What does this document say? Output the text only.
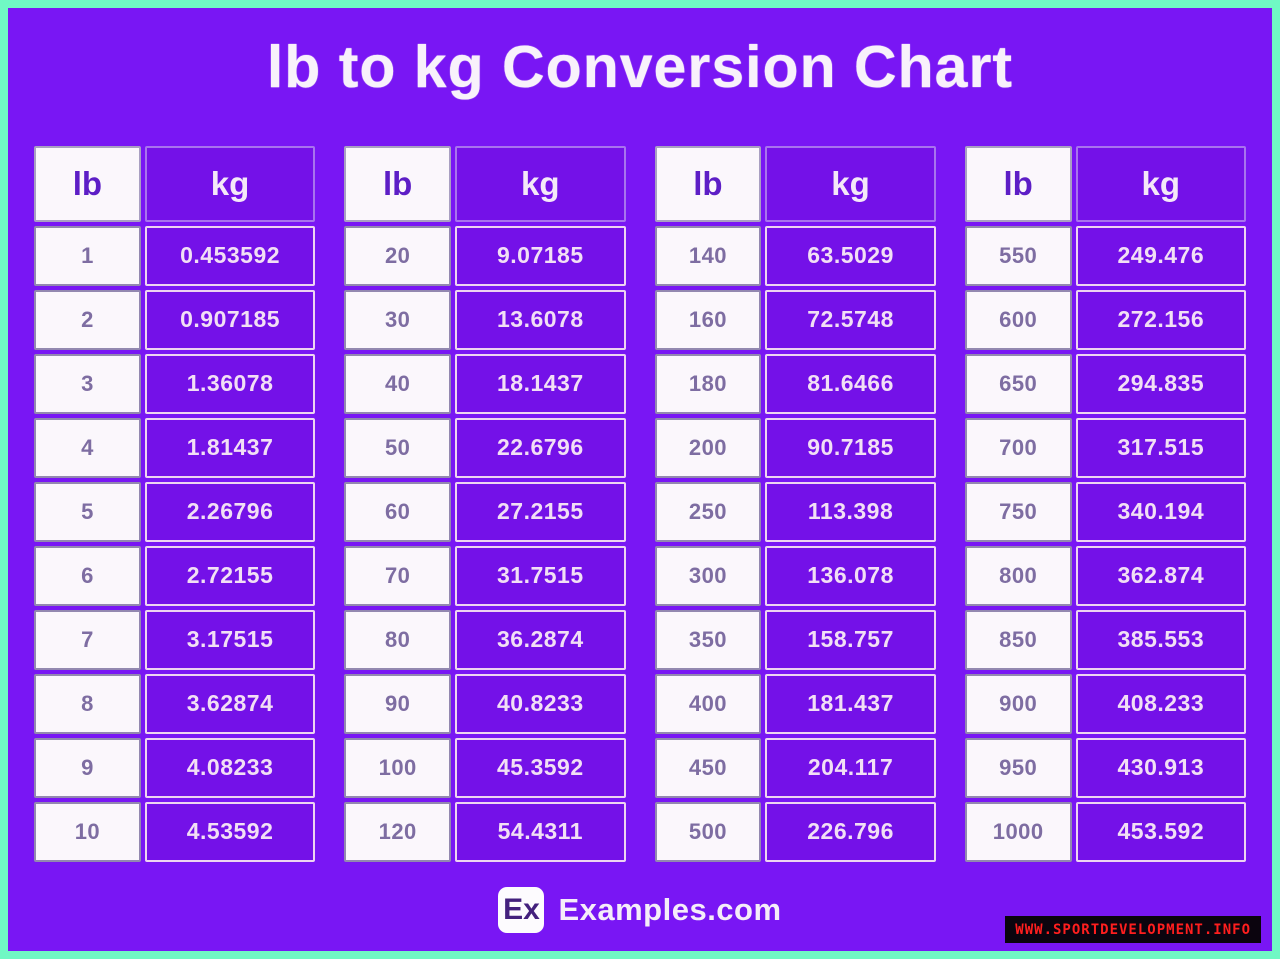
lb to kg Conversion Chart
lb
1
2
3
4
5
6
7
8
9
10
kg
0.453592
0.907185
1.36078
1.81437
2.26796
2.72155
3.17515
3.62874
4.08233
4.53592
lb
20
30
40
50
60
70
80
90
100
120
kg
9.07185
13.6078
18.1437
22.6796
27.2155
31.7515
36.2874
40.8233
45.3592
54.4311
lb
140
160
180
200
250
300
350
400
450
500
kg
63.5029
72.5748
81.6466
90.7185
113.398
136.078
158.757
181.437
204.117
226.796
lb
550
600
650
700
750
800
850
900
950
1000
kg
249.476
272.156
294.835
317.515
340.194
362.874
385.553
408.233
430.913
453.592
Ex Examples.com
WWW.SPORTDEVELOPMENT.INFO
